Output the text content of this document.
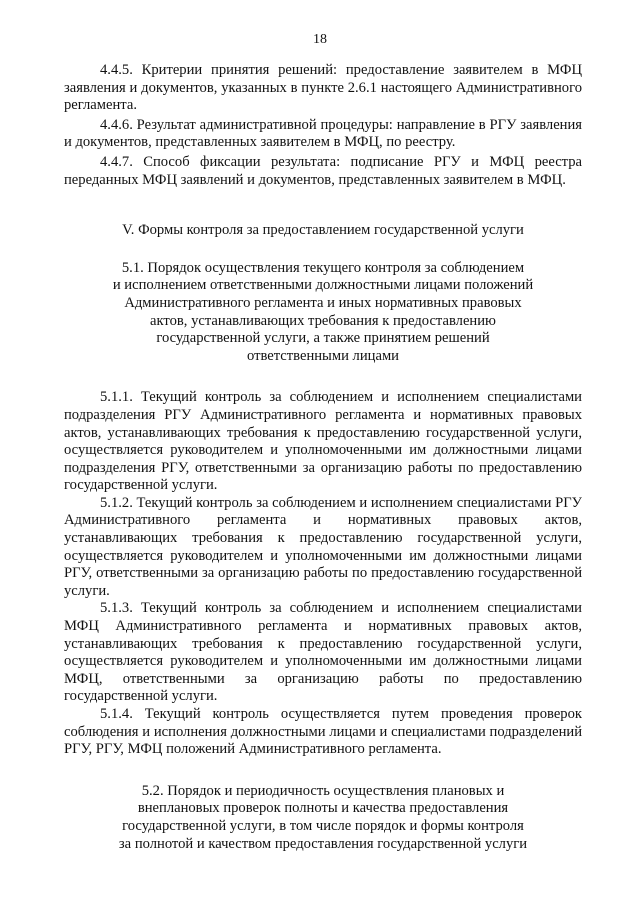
18

4.4.5. Критерии принятия решений: предоставление заявителем в МФЦ заявления и документов, указанных в пункте 2.6.1 настоящего Административного регламента.

4.4.6. Результат административной процедуры: направление в РГУ заявления и документов, представленных заявителем в МФЦ, по реестру.

4.4.7. Способ фиксации результата: подписание РГУ и МФЦ реестра переданных МФЦ заявлений и документов, представленных заявителем в МФЦ.

V. Формы контроля за предоставлением государственной услуги

5.1. Порядок осуществления текущего контроля за соблюдением
и исполнением ответственными должностными лицами положений
Административного регламента и иных нормативных правовых
актов, устанавливающих требования к предоставлению
государственной услуги, а также принятием решений
ответственными лицами

5.1.1. Текущий контроль за соблюдением и исполнением специалистами подразделения РГУ Административного регламента и нормативных правовых актов, устанавливающих требования к предоставлению государственной услуги, осуществляется руководителем и уполномоченными им должностными лицами подразделения РГУ, ответственными за организацию работы по предоставлению государственной услуги.

5.1.2. Текущий контроль за соблюдением и исполнением специалистами РГУ Административного регламента и нормативных правовых актов, устанавливающих требования к предоставлению государственной услуги, осуществляется руководителем и уполномоченными им должностными лицами РГУ, ответственными за организацию работы по предоставлению государственной услуги.

5.1.3. Текущий контроль за соблюдением и исполнением специалистами МФЦ Административного регламента и нормативных правовых актов, устанавливающих требования к предоставлению государственной услуги, осуществляется руководителем и уполномоченными им должностными лицами МФЦ, ответственными за организацию работы по предоставлению государственной услуги.

5.1.4. Текущий контроль осуществляется путем проведения проверок соблюдения и исполнения должностными лицами и специалистами подразделений РГУ, РГУ, МФЦ положений Административного регламента.

5.2. Порядок и периодичность осуществления плановых и
внеплановых проверок полноты и качества предоставления
государственной услуги, в том числе порядок и формы контроля
за полнотой и качеством предоставления государственной услуги
